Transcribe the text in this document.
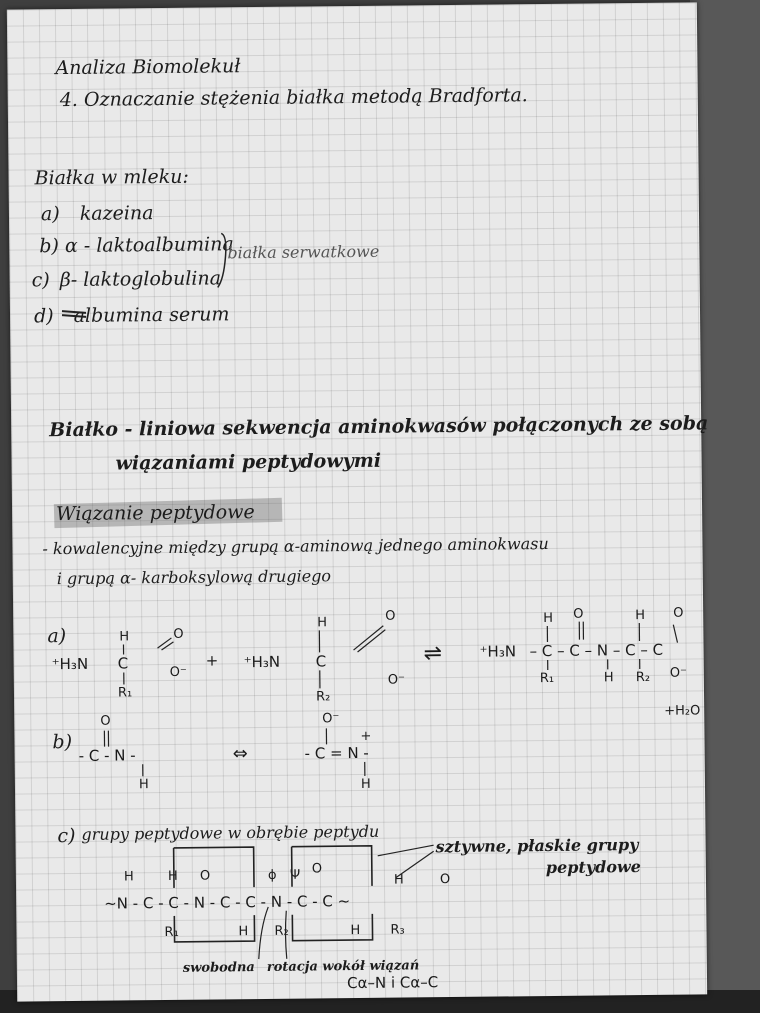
Analiza Biomolekuł
4. Oznaczanie stężenia białka metodą Bradforta.
Białka w mleku:
a) kazeina
b) α - laktoalbumina
c) β- laktoglobulina
d) albumina serum
białka serwatkowe
Białko - liniowa sekwencja aminokwasów połączonych ze sobą
wiązaniami peptydowymi
Wiązanie peptydowe
- kowalencyjne między grupą α-aminową jednego aminokwasu
i grupą α- karboksylową drugiego
a)
⁺H₃N
H
C
R₁
O
O⁻
+ ⁺H₃N
H
C
R₂
O
O⁻
⇌ ⁺H₃N
H O
– C – C – N – C – C
H O
R₁	H R₂ O⁻
+H₂O
b)
O
- C - N -
H
⇔
O⁻
+
- C = N -
H
c) grupy peptydowe w obrębie peptydu
sztywne, płaskie grupy
peptydowe
~N - C - C - N - C - C - N - C - C ~
ϕ Ψ
H	H O	O
H	O
R₁	H R₂	H R₃
swobodna rotacja wokół wiązań
Cα–N i Cα–C
